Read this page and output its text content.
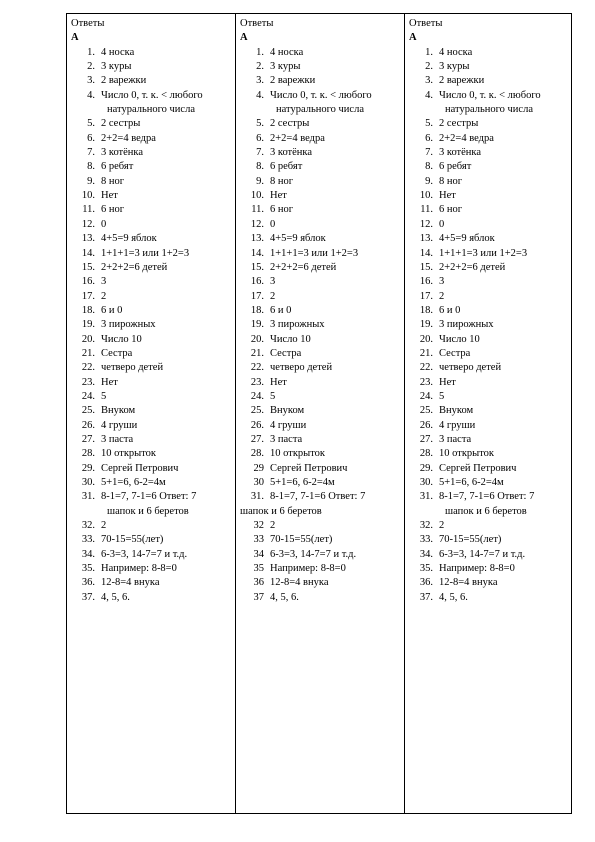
Ответы
А
1. 4 носка
2. 3 куры
3. 2 варежки
4. Число 0, т. к. < любого
натурального числа
5. 2 сестры
6. 2+2=4 ведра
7. 3 котёнка
8. 6 ребят
9. 8 ног
10. Нет
11. 6 ног
12. 0
13. 4+5=9 яблок
14. 1+1+1=3 или 1+2=3
15. 2+2+2=6 детей
16. 3
17. 2
18. 6 и 0
19. 3 пирожных
20. Число 10
21. Сестра
22. четверо детей
23. Нет
24. 5
25. Внуком
26. 4 груши
27. 3 паста
28. 10 открыток
29. Сергей Петрович
30. 5+1=6, 6-2=4м
31. 8-1=7, 7-1=6 Ответ: 7
шапок и 6 беретов
32. 2
33. 70-15=55(лет)
34. 6-3=3, 14-7=7 и т.д.
35. Например: 8-8=0
36. 12-8=4 внука
37. 4, 5, 6.
Ответы
А
1. 4 носка
2. 3 куры
3. 2 варежки
4. Число 0, т. к. < любого
натурального числа
5. 2 сестры
6. 2+2=4 ведра
7. 3 котёнка
8. 6 ребят
9. 8 ног
10. Нет
11. 6 ног
12. 0
13. 4+5=9 яблок
14. 1+1+1=3 или 1+2=3
15. 2+2+2=6 детей
16. 3
17. 2
18. 6 и 0
19. 3 пирожных
20. Число 10
21. Сестра
22. четверо детей
23. Нет
24. 5
25. Внуком
26. 4 груши
27. 3 паста
28. 10 открыток
29 Сергей Петрович
30 5+1=6, 6-2=4м
31. 8-1=7, 7-1=6 Ответ: 7
шапок и 6 беретов
32 2
33 70-15=55(лет)
34 6-3=3, 14-7=7 и т.д.
35 Например: 8-8=0
36 12-8=4 внука
37 4, 5, 6.
Ответы
А
1. 4 носка
2. 3 куры
3. 2 варежки
4. Число 0, т. к. < любого
натурального числа
5. 2 сестры
6. 2+2=4 ведра
7. 3 котёнка
8. 6 ребят
9. 8 ног
10. Нет
11. 6 ног
12. 0
13. 4+5=9 яблок
14. 1+1+1=3 или 1+2=3
15. 2+2+2=6 детей
16. 3
17. 2
18. 6 и 0
19. 3 пирожных
20. Число 10
21. Сестра
22. четверо детей
23. Нет
24. 5
25. Внуком
26. 4 груши
27. 3 паста
28. 10 открыток
29. Сергей Петрович
30. 5+1=6, 6-2=4м
31. 8-1=7, 7-1=6 Ответ: 7
шапок и 6 беретов
32. 2
33. 70-15=55(лет)
34. 6-3=3, 14-7=7 и т.д.
35. Например: 8-8=0
36. 12-8=4 внука
37. 4, 5, 6.
